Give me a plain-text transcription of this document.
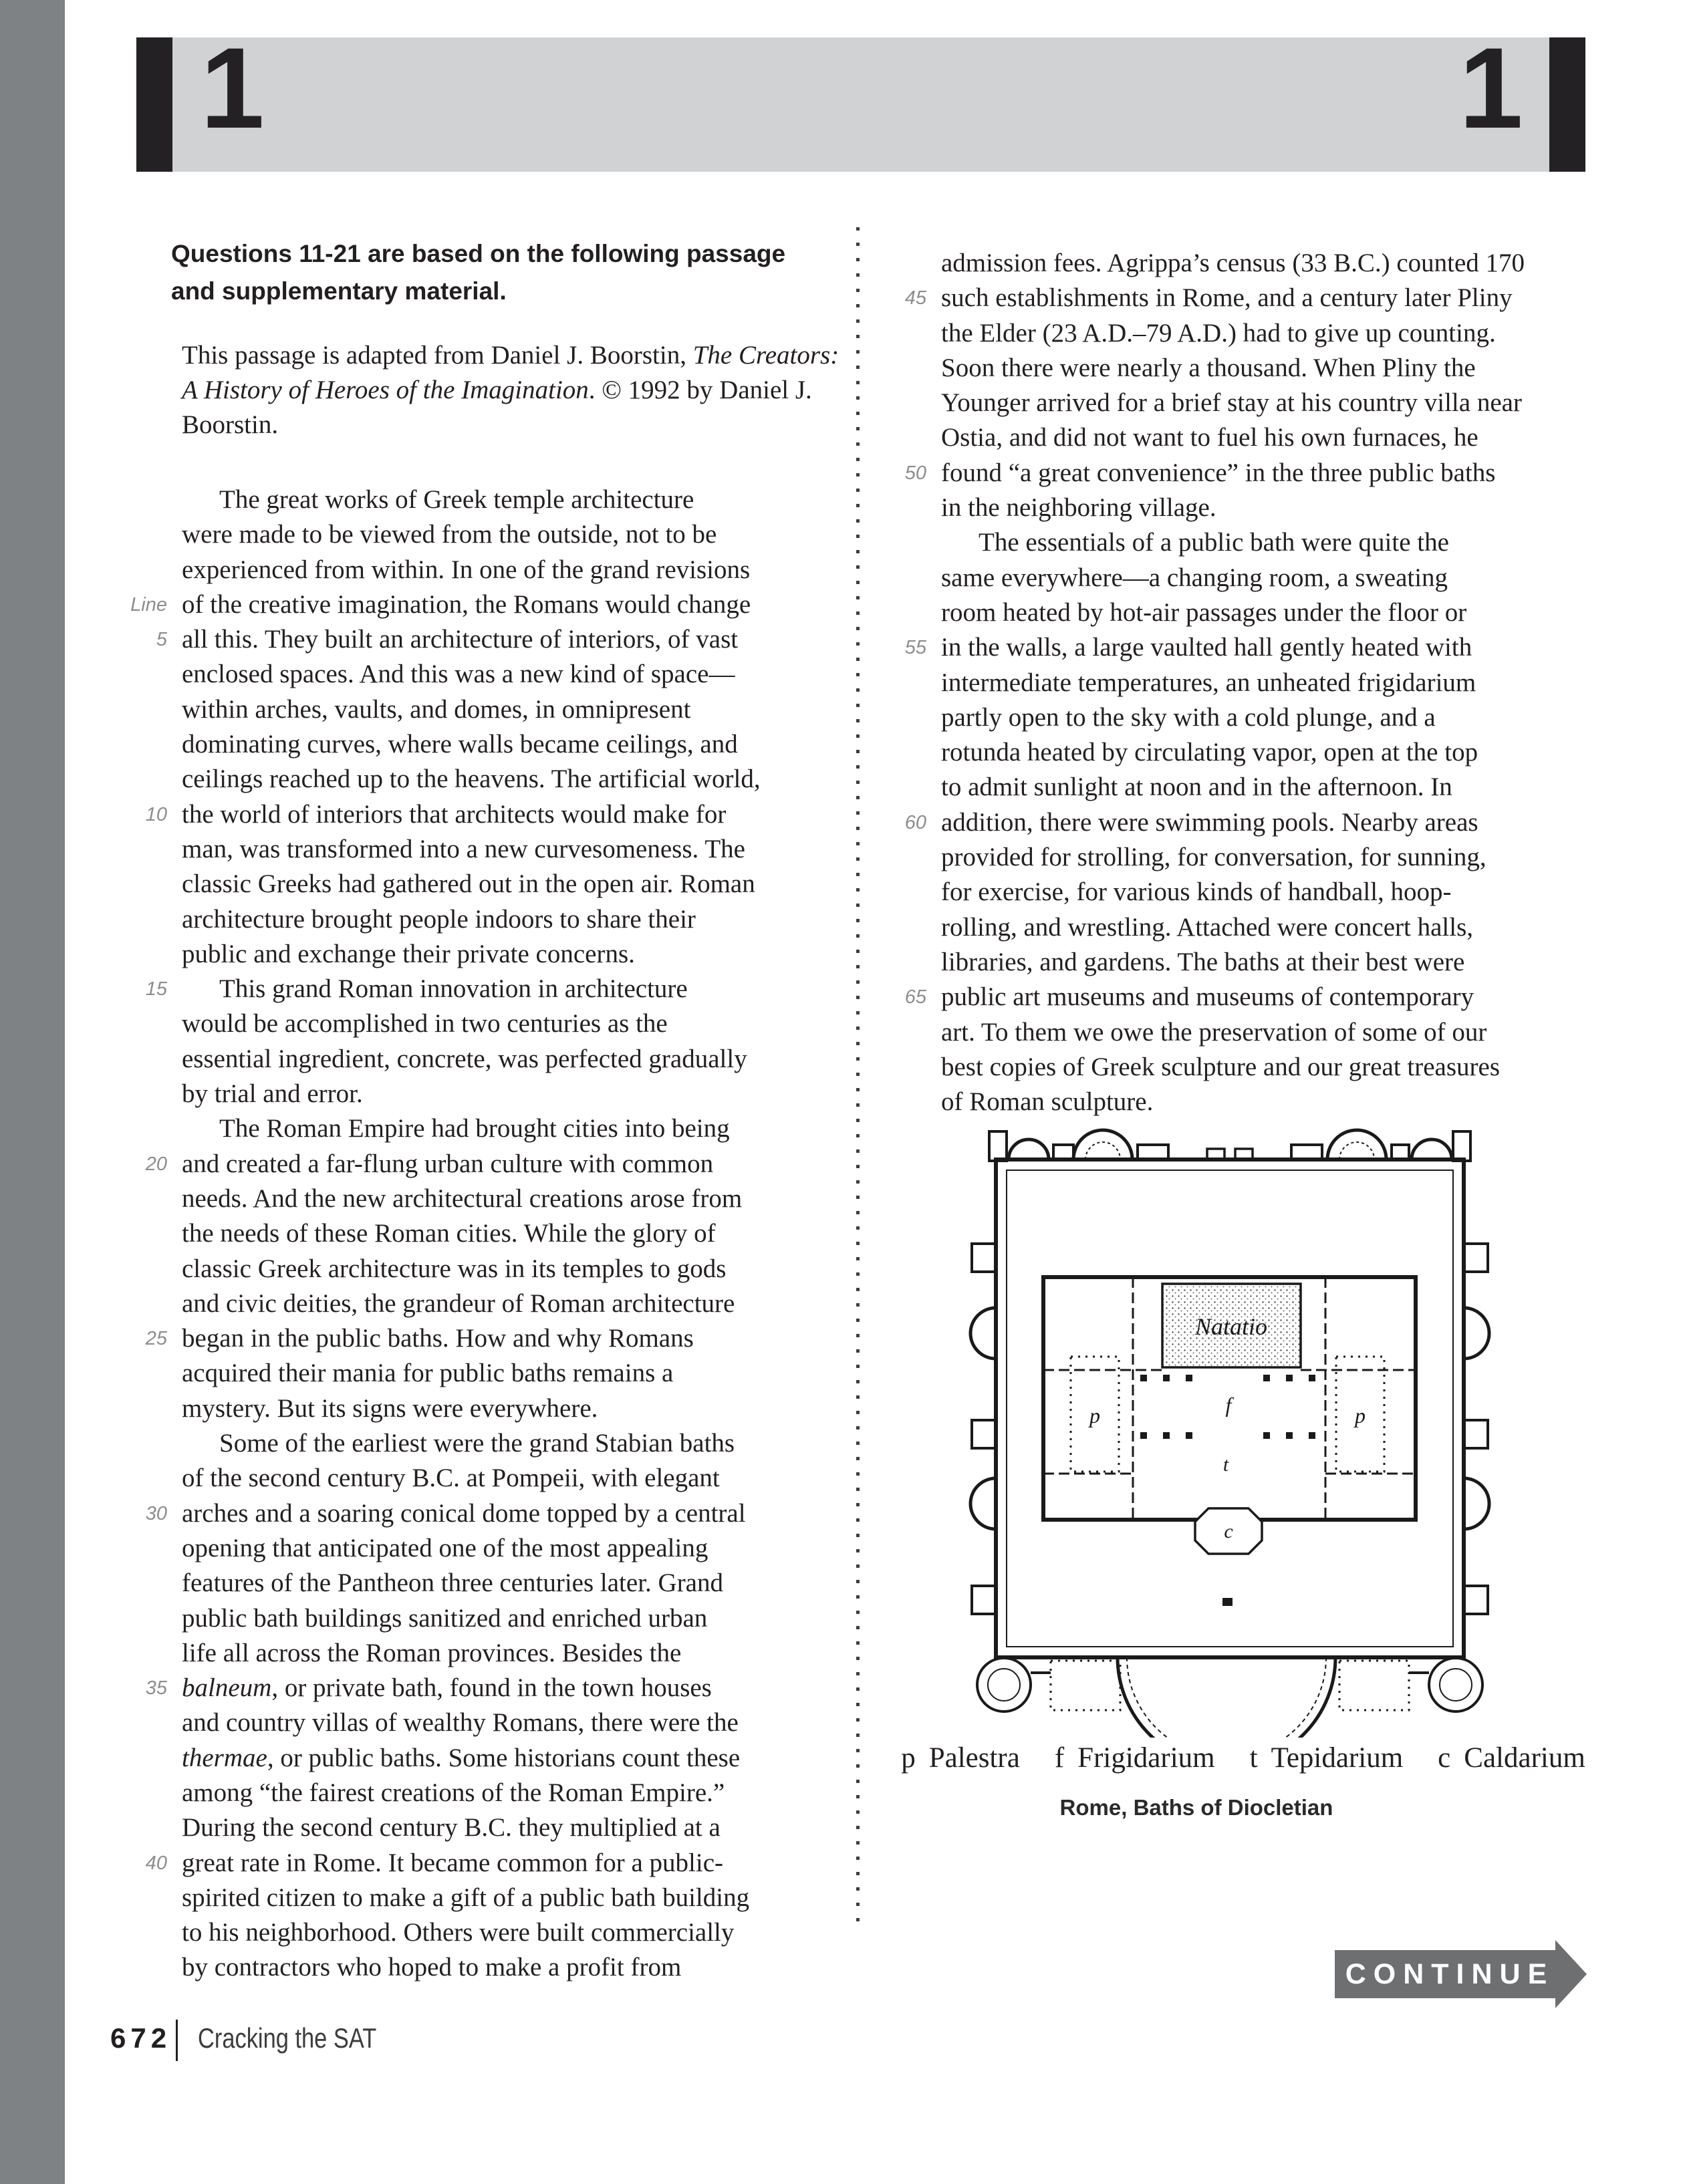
1	1
Questions 11-21 are based on the following passage
and supplementary material.
This passage is adapted from Daniel J. Boorstin, The Creators:
A History of Heroes of the Imagination. © 1992 by Daniel J.
Boorstin.
The great works of Greek temple architecture
were made to be viewed from the outside, not to be
experienced from within. In one of the grand revisions
Line of the creative imagination, the Romans would change
5 all this. They built an architecture of interiors, of vast
enclosed spaces. And this was a new kind of space—
within arches, vaults, and domes, in omnipresent
dominating curves, where walls became ceilings, and
ceilings reached up to the heavens. The artificial world,
10 the world of interiors that architects would make for
man, was transformed into a new curvesomeness. The
classic Greeks had gathered out in the open air. Roman
architecture brought people indoors to share their
public and exchange their private concerns.
15 This grand Roman innovation in architecture
would be accomplished in two centuries as the
essential ingredient, concrete, was perfected gradually
by trial and error.
The Roman Empire had brought cities into being
20 and created a far-flung urban culture with common
needs. And the new architectural creations arose from
the needs of these Roman cities. While the glory of
classic Greek architecture was in its temples to gods
and civic deities, the grandeur of Roman architecture
25 began in the public baths. How and why Romans
acquired their mania for public baths remains a
mystery. But its signs were everywhere.
Some of the earliest were the grand Stabian baths
of the second century B.C. at Pompeii, with elegant
30 arches and a soaring conical dome topped by a central
opening that anticipated one of the most appealing
features of the Pantheon three centuries later. Grand
public bath buildings sanitized and enriched urban
life all across the Roman provinces. Besides the
35 balneum, or private bath, found in the town houses
and country villas of wealthy Romans, there were the
thermae, or public baths. Some historians count these
among “the fairest creations of the Roman Empire.”
During the second century B.C. they multiplied at a
40 great rate in Rome. It became common for a public-
spirited citizen to make a gift of a public bath building
to his neighborhood. Others were built commercially
by contractors who hoped to make a profit from
admission fees. Agrippa’s census (33 B.C.) counted 170
45 such establishments in Rome, and a century later Pliny
the Elder (23 A.D.–79 A.D.) had to give up counting.
Soon there were nearly a thousand. When Pliny the
Younger arrived for a brief stay at his country villa near
Ostia, and did not want to fuel his own furnaces, he
50 found “a great convenience” in the three public baths
in the neighboring village.
The essentials of a public bath were quite the
same everywhere—a changing room, a sweating
room heated by hot-air passages under the floor or
55 in the walls, a large vaulted hall gently heated with
intermediate temperatures, an unheated frigidarium
partly open to the sky with a cold plunge, and a
rotunda heated by circulating vapor, open at the top
to admit sunlight at noon and in the afternoon. In
60 addition, there were swimming pools. Nearby areas
provided for strolling, for conversation, for sunning,
for exercise, for various kinds of handball, hoop-
rolling, and wrestling. Attached were concert halls,
libraries, and gardens. The baths at their best were
65 public art museums and museums of contemporary
art. To them we owe the preservation of some of our
best copies of Greek sculpture and our great treasures
of Roman sculpture.
Natatio
p	p
f
t
c
p Palestra f Frigidarium t Tepidarium c Caldarium
Rome, Baths of Diocletian
CONTINUE
672 Cracking the SAT
